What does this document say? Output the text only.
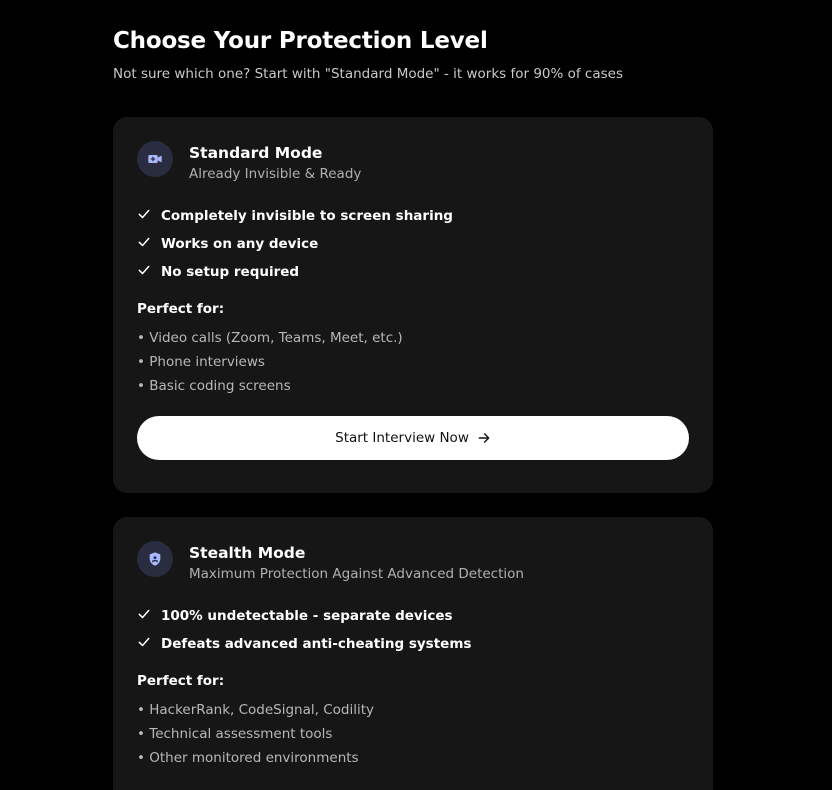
Choose Your Protection Level

Not sure which one? Start with "Standard Mode" - it works for 90% of cases

Standard Mode
Already Invisible & Ready
Completely invisible to screen sharing
Works on any device
No setup required
Perfect for:
• Video calls (Zoom, Teams, Meet, etc.)
• Phone interviews
• Basic coding screens
Start Interview Now
Stealth Mode
Maximum Protection Against Advanced Detection
100% undetectable - separate devices
Defeats advanced anti-cheating systems
Perfect for:
• HackerRank, CodeSignal, Codility
• Technical assessment tools
• Other monitored environments
